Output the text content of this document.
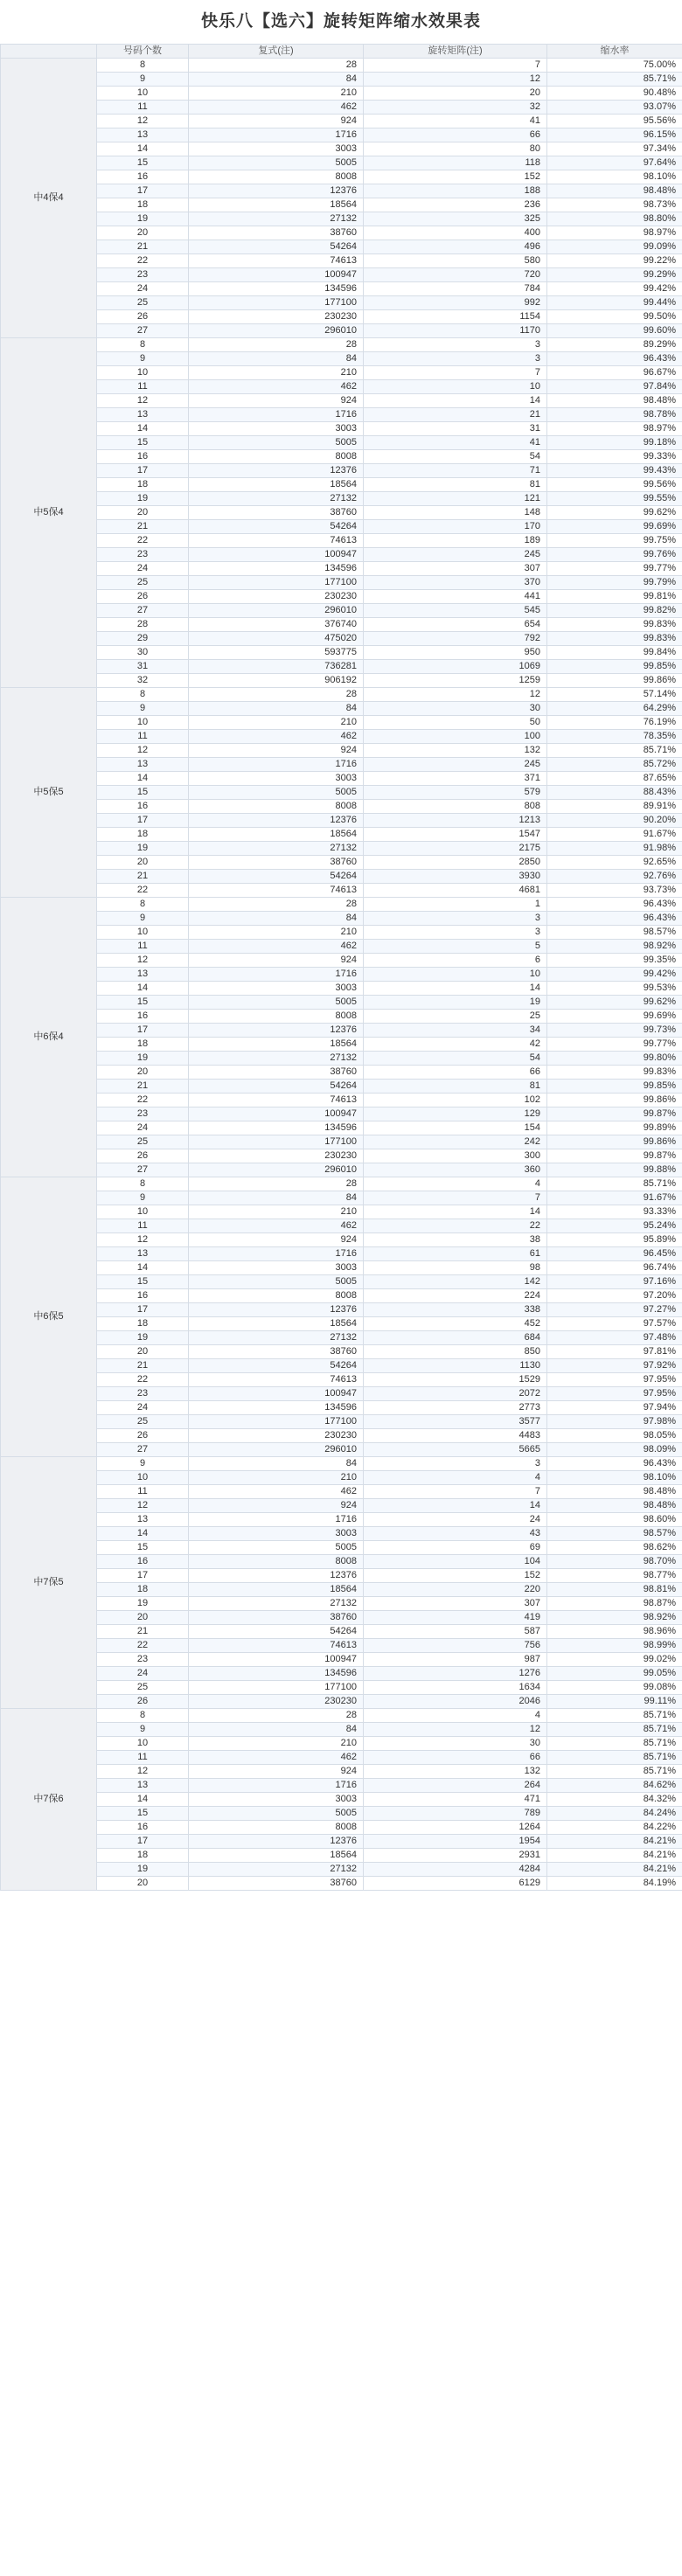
快乐八【选六】旋转矩阵缩水效果表
	号码个数	复式(注)	旋转矩阵(注)	缩水率
中4保4	8	28	7	75.00%
	9	84	12	85.71%
	10	210	20	90.48%
	11	462	32	93.07%
	12	924	41	95.56%
	13	1716	66	96.15%
	14	3003	80	97.34%
	15	5005	118	97.64%
	16	8008	152	98.10%
	17	12376	188	98.48%
	18	18564	236	98.73%
	19	27132	325	98.80%
	20	38760	400	98.97%
	21	54264	496	99.09%
	22	74613	580	99.22%
	23	100947	720	99.29%
	24	134596	784	99.42%
	25	177100	992	99.44%
	26	230230	1154	99.50%
	27	296010	1170	99.60%
中5保4	8	28	3	89.29%
	9	84	3	96.43%
	10	210	7	96.67%
	11	462	10	97.84%
	12	924	14	98.48%
	13	1716	21	98.78%
	14	3003	31	98.97%
	15	5005	41	99.18%
	16	8008	54	99.33%
	17	12376	71	99.43%
	18	18564	81	99.56%
	19	27132	121	99.55%
	20	38760	148	99.62%
	21	54264	170	99.69%
	22	74613	189	99.75%
	23	100947	245	99.76%
	24	134596	307	99.77%
	25	177100	370	99.79%
	26	230230	441	99.81%
	27	296010	545	99.82%
	28	376740	654	99.83%
	29	475020	792	99.83%
	30	593775	950	99.84%
	31	736281	1069	99.85%
	32	906192	1259	99.86%
中5保5	8	28	12	57.14%
	9	84	30	64.29%
	10	210	50	76.19%
	11	462	100	78.35%
	12	924	132	85.71%
	13	1716	245	85.72%
	14	3003	371	87.65%
	15	5005	579	88.43%
	16	8008	808	89.91%
	17	12376	1213	90.20%
	18	18564	1547	91.67%
	19	27132	2175	91.98%
	20	38760	2850	92.65%
	21	54264	3930	92.76%
	22	74613	4681	93.73%
中6保4	8	28	1	96.43%
	9	84	3	96.43%
	10	210	3	98.57%
	11	462	5	98.92%
	12	924	6	99.35%
	13	1716	10	99.42%
	14	3003	14	99.53%
	15	5005	19	99.62%
	16	8008	25	99.69%
	17	12376	34	99.73%
	18	18564	42	99.77%
	19	27132	54	99.80%
	20	38760	66	99.83%
	21	54264	81	99.85%
	22	74613	102	99.86%
	23	100947	129	99.87%
	24	134596	154	99.89%
	25	177100	242	99.86%
	26	230230	300	99.87%
	27	296010	360	99.88%
中6保5	8	28	4	85.71%
	9	84	7	91.67%
	10	210	14	93.33%
	11	462	22	95.24%
	12	924	38	95.89%
	13	1716	61	96.45%
	14	3003	98	96.74%
	15	5005	142	97.16%
	16	8008	224	97.20%
	17	12376	338	97.27%
	18	18564	452	97.57%
	19	27132	684	97.48%
	20	38760	850	97.81%
	21	54264	1130	97.92%
	22	74613	1529	97.95%
	23	100947	2072	97.95%
	24	134596	2773	97.94%
	25	177100	3577	97.98%
	26	230230	4483	98.05%
	27	296010	5665	98.09%
中7保5	9	84	3	96.43%
	10	210	4	98.10%
	11	462	7	98.48%
	12	924	14	98.48%
	13	1716	24	98.60%
	14	3003	43	98.57%
	15	5005	69	98.62%
	16	8008	104	98.70%
	17	12376	152	98.77%
	18	18564	220	98.81%
	19	27132	307	98.87%
	20	38760	419	98.92%
	21	54264	587	98.96%
	22	74613	756	98.99%
	23	100947	987	99.02%
	24	134596	1276	99.05%
	25	177100	1634	99.08%
	26	230230	2046	99.11%
中7保6	8	28	4	85.71%
	9	84	12	85.71%
	10	210	30	85.71%
	11	462	66	85.71%
	12	924	132	85.71%
	13	1716	264	84.62%
	14	3003	471	84.32%
	15	5005	789	84.24%
	16	8008	1264	84.22%
	17	12376	1954	84.21%
	18	18564	2931	84.21%
	19	27132	4284	84.21%
	20	38760	6129	84.19%
